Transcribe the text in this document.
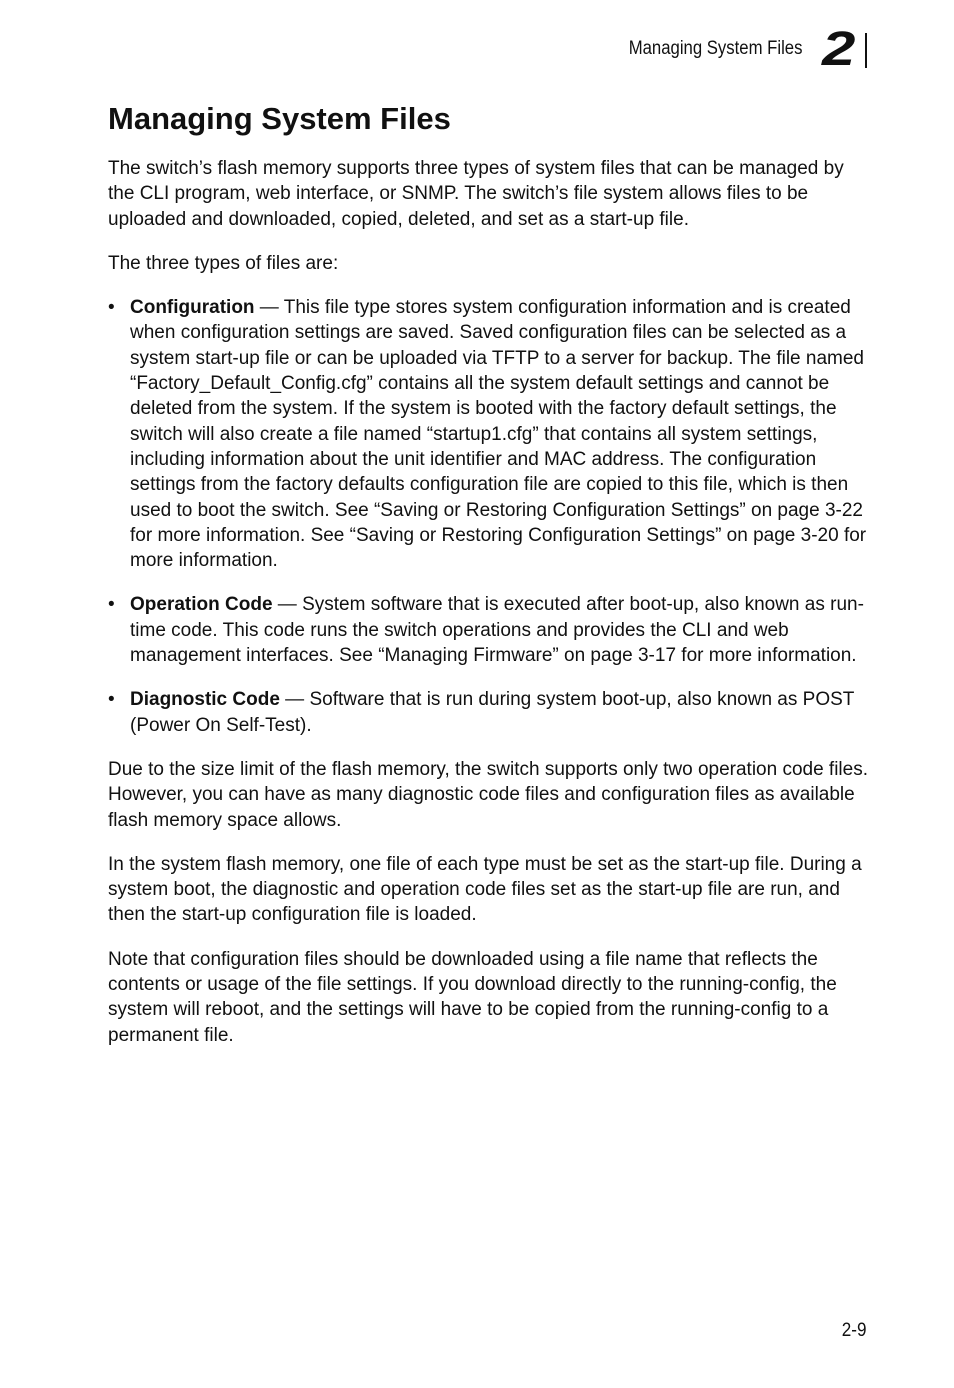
Managing System Files 2
Managing System Files

The switch’s flash memory supports three types of system files that can be managed by the CLI program, web interface, or SNMP. The switch’s file system allows files to be uploaded and downloaded, copied, deleted, and set as a start-up file.

The three types of files are:

• Configuration — This file type stores system configuration information and is created when configuration settings are saved. Saved configuration files can be selected as a system start-up file or can be uploaded via TFTP to a server for backup. The file named “Factory_Default_Config.cfg” contains all the system default settings and cannot be deleted from the system. If the system is booted with the factory default settings, the switch will also create a file named “startup1.cfg” that contains all system settings, including information about the unit identifier and MAC address. The configuration settings from the factory defaults configuration file are copied to this file, which is then used to boot the switch. See “Saving or Restoring Configuration Settings” on page 3-22 for more information. See “Saving or Restoring Configuration Settings” on page 3-20 for more information.
• Operation Code — System software that is executed after boot-up, also known as run-time code. This code runs the switch operations and provides the CLI and web management interfaces. See “Managing Firmware” on page 3-17 for more information.
• Diagnostic Code — Software that is run during system boot-up, also known as POST (Power On Self-Test).

Due to the size limit of the flash memory, the switch supports only two operation code files. However, you can have as many diagnostic code files and configuration files as available flash memory space allows.

In the system flash memory, one file of each type must be set as the start-up file. During a system boot, the diagnostic and operation code files set as the start-up file are run, and then the start-up configuration file is loaded.

Note that configuration files should be downloaded using a file name that reflects the contents or usage of the file settings. If you download directly to the running-config, the system will reboot, and the settings will have to be copied from the running-config to a permanent file.

2-9
